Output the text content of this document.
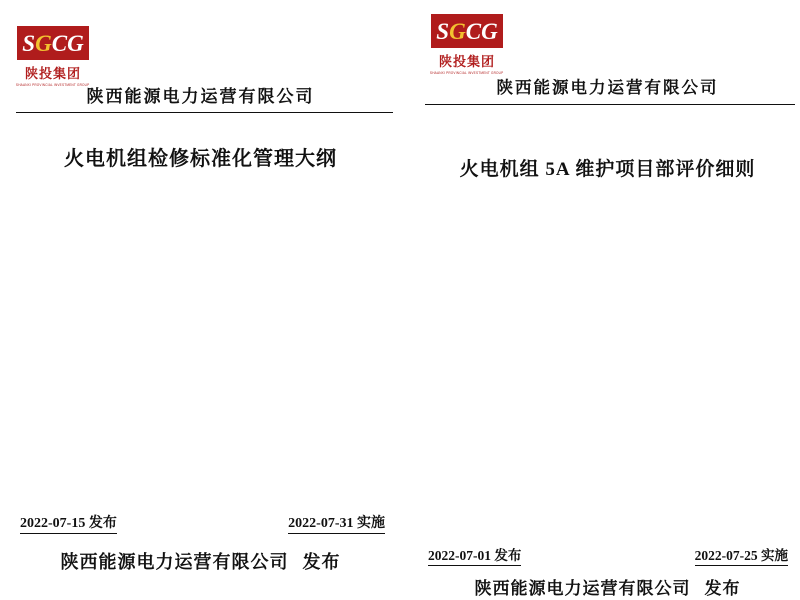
S G C G
陕投集团
SHAANXI PROVINCIAL INVESTMENT GROUP
陕西能源电力运营有限公司
火电机组检修标准化管理大纲
2022-07-15 发布	2022-07-31 实施
陕西能源电力运营有限公司 发布
S G C G
陕投集团
SHAANXI PROVINCIAL INVESTMENT GROUP
陕西能源电力运营有限公司
火电机组 5A 维护项目部评价细则
2022-07-01 发布	2022-07-25 实施
陕西能源电力运营有限公司 发布
